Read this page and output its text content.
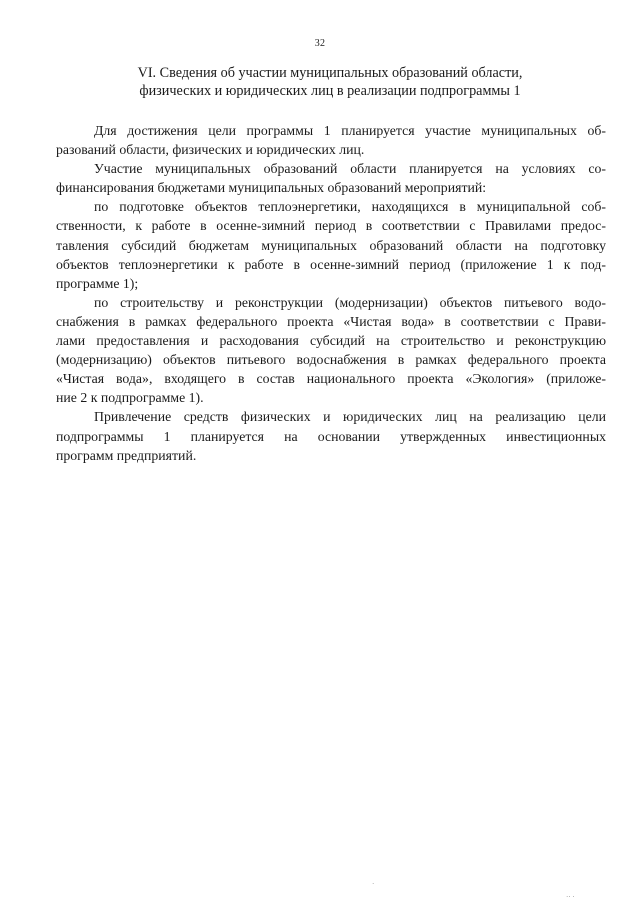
32
VI. Сведения об участии муниципальных образований области,
физических и юридических лиц в реализации подпрограммы 1
Для достижения цели программы 1 планируется участие муниципальных об-
разований области, физических и юридических лиц.
Участие муниципальных образований области планируется на условиях со-
финансирования бюджетами муниципальных образований мероприятий:
по подготовке объектов теплоэнергетики, находящихся в муниципальной соб-
ственности, к работе в осенне-зимний период в соответствии с Правилами предос-
тавления субсидий бюджетам муниципальных образований области на подготовку
объектов теплоэнергетики к работе в осенне-зимний период (приложение 1 к под-
программе 1);
по строительству и реконструкции (модернизации) объектов питьевого водо-
снабжения в рамках федерального проекта «Чистая вода» в соответствии с Прави-
лами предоставления и расходования субсидий на строительство и реконструкцию
(модернизацию) объектов питьевого водоснабжения в рамках федерального проекта
«Чистая вода», входящего в состав национального проекта «Экология» (приложе-
ние 2 к подпрограмме 1).
Привлечение средств физических и юридических лиц на реализацию цели
подпрограммы 1 планируется на основании утвержденных инвестиционных
программ предприятий.
·
·· ·
